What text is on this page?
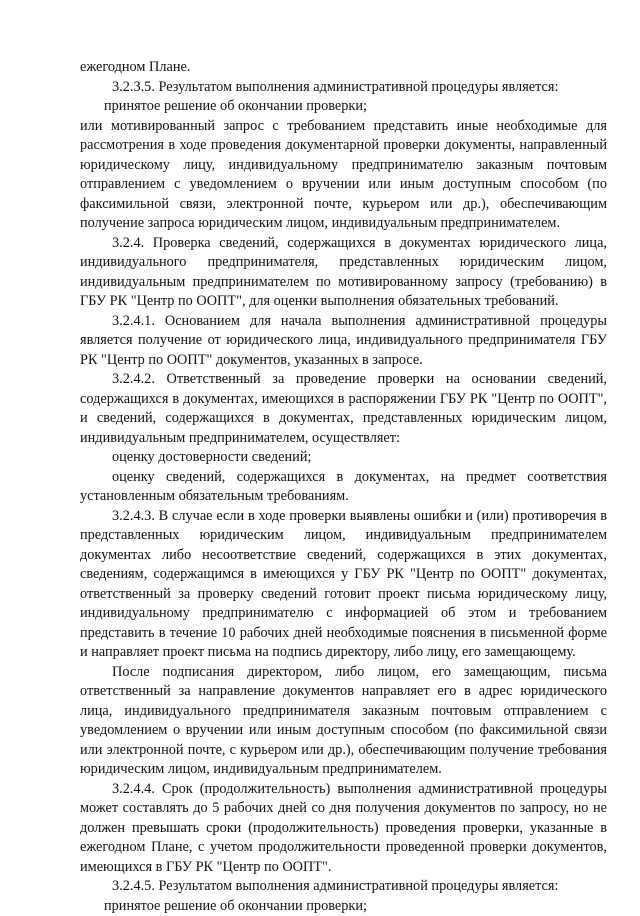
ежегодном Плане.

3.2.3.5. Результатом выполнения административной процедуры является:

принятое решение об окончании проверки;

или мотивированный запрос с требованием представить иные необходимые для рассмотрения в ходе проведения документарной проверки документы, направленный юридическому лицу, индивидуальному предпринимателю заказным почтовым отправлением с уведомлением о вручении или иным доступным способом (по факсимильной связи, электронной почте, курьером или др.), обеспечивающим получение запроса юридическим лицом, индивидуальным предпринимателем.

3.2.4. Проверка сведений, содержащихся в документах юридического лица, индивидуального предпринимателя, представленных юридическим лицом, индивидуальным предпринимателем по мотивированному запросу (требованию) в ГБУ РК "Центр по ООПТ", для оценки выполнения обязательных требований.

3.2.4.1. Основанием для начала выполнения административной процедуры является получение от юридического лица, индивидуального предпринимателя ГБУ РК "Центр по ООПТ" документов, указанных в запросе.

3.2.4.2. Ответственный за проведение проверки на основании сведений, содержащихся в документах, имеющихся в распоряжении ГБУ РК "Центр по ООПТ", и сведений, содержащихся в документах, представленных юридическим лицом, индивидуальным предпринимателем, осуществляет:

оценку достоверности сведений;

оценку сведений, содержащихся в документах, на предмет соответствия установленным обязательным требованиям.

3.2.4.3. В случае если в ходе проверки выявлены ошибки и (или) противоречия в представленных юридическим лицом, индивидуальным предпринимателем документах либо несоответствие сведений, содержащихся в этих документах, сведениям, содержащимся в имеющихся у ГБУ РК "Центр по ООПТ" документах, ответственный за проверку сведений готовит проект письма юридическому лицу, индивидуальному предпринимателю с информацией об этом и требованием представить в течение 10 рабочих дней необходимые пояснения в письменной форме и направляет проект письма на подпись директору, либо лицу, его замещающему.

После подписания директором, либо лицом, его замещающим, письма ответственный за направление документов направляет его в адрес юридического лица, индивидуального предпринимателя заказным почтовым отправлением с уведомлением о вручении или иным доступным способом (по факсимильной связи или электронной почте, с курьером или др.), обеспечивающим получение требования юридическим лицом, индивидуальным предпринимателем.

3.2.4.4. Срок (продолжительность) выполнения административной процедуры может составлять до 5 рабочих дней со дня получения документов по запросу, но не должен превышать сроки (продолжительность) проведения проверки, указанные в ежегодном Плане, с учетом продолжительности проведенной проверки документов, имеющихся в ГБУ РК "Центр по ООПТ".

3.2.4.5. Результатом выполнения административной процедуры является:

принятое решение об окончании проверки;
